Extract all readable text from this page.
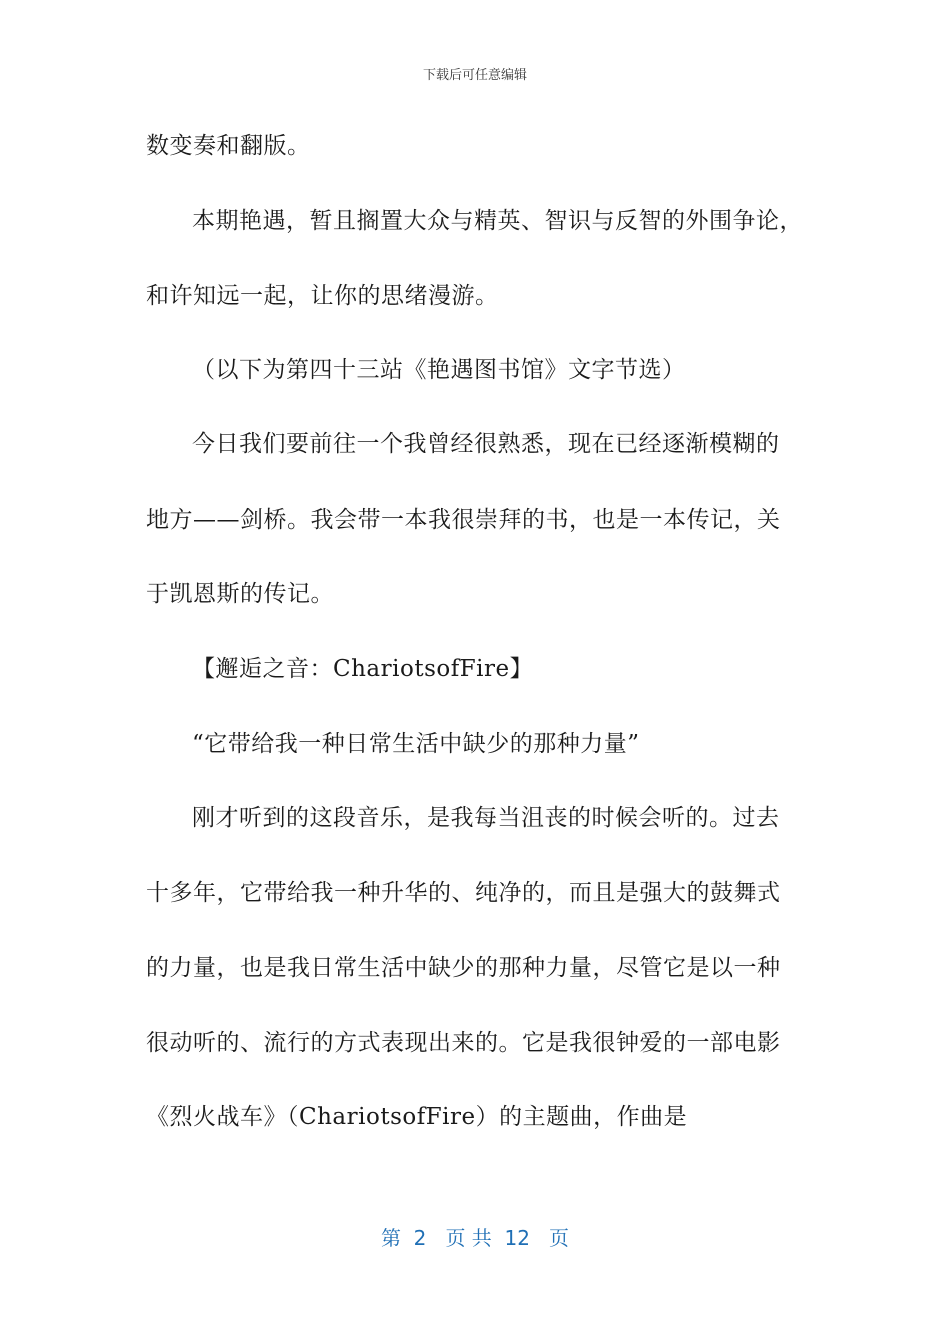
下载后可任意编辑
数变奏和翻版。
本期艳遇，暂且搁置大众与精英、智识与反智的外围争论，
和许知远一起，让你的思绪漫游。
（以下为第四十三站《艳遇图书馆》文字节选）
今日我们要前往一个我曾经很熟悉，现在已经逐渐模糊的
地方——剑桥。我会带一本我很崇拜的书，也是一本传记，关
于凯恩斯的传记。
【邂逅之音：ChariotsofFire】
“它带给我一种日常生活中缺少的那种力量”
刚才听到的这段音乐，是我每当沮丧的时候会听的。过去
十多年，它带给我一种升华的、纯净的，而且是强大的鼓舞式
的力量，也是我日常生活中缺少的那种力量，尽管它是以一种
很动听的、流行的方式表现出来的。它是我很钟爱的一部电影
《烈火战车》（ChariotsofFire）的主题曲，作曲是
第  2   页 共  12   页
